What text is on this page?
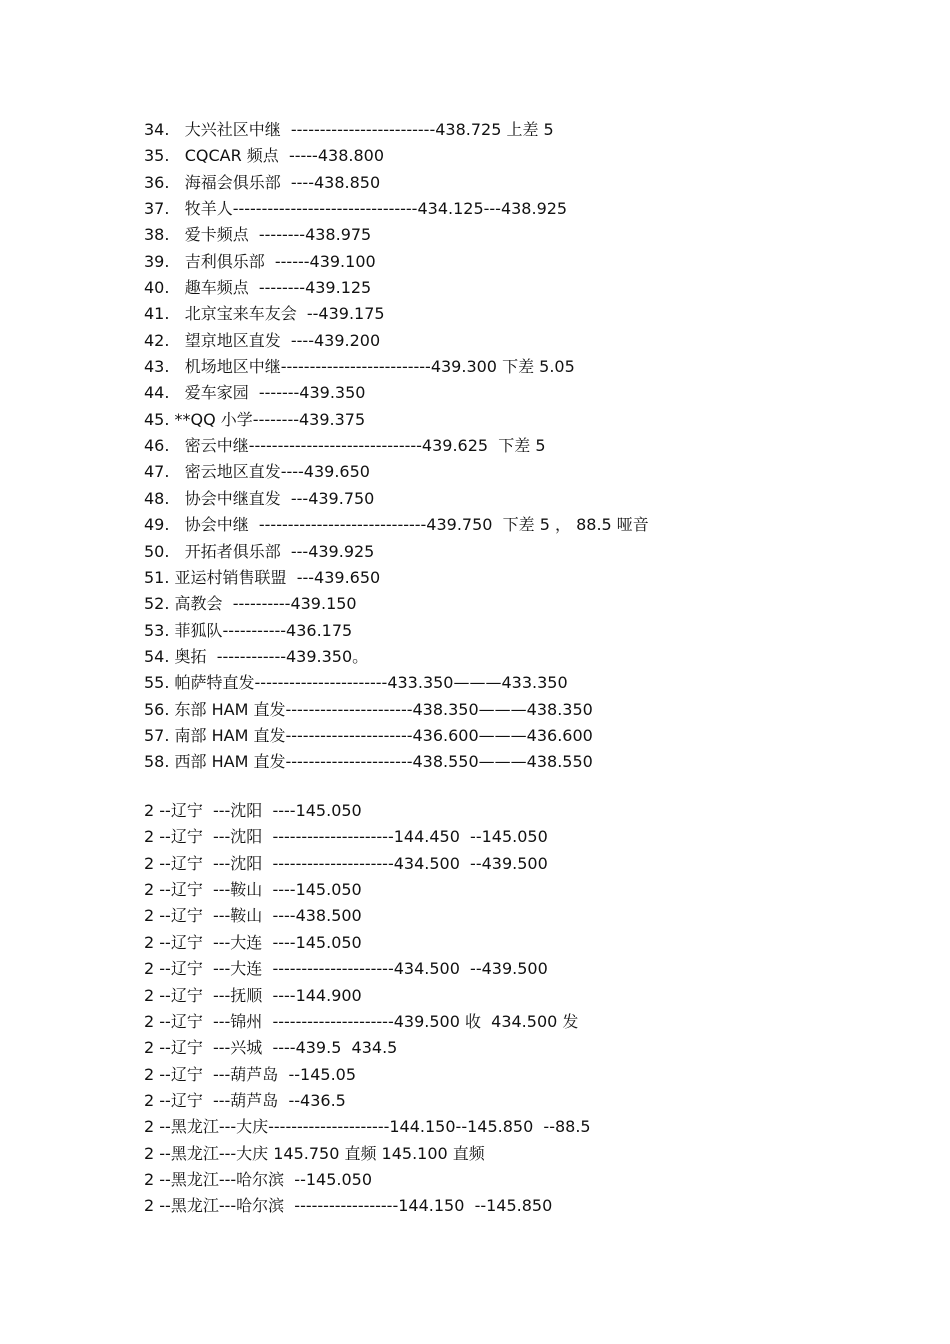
34.   大兴社区中继  -------------------------438.725 上差 5
35.   CQCAR 频点  -----438.800
36.   海福会俱乐部  ----438.850
37.   牧羊人--------------------------------434.125---438.925
38.   爱卡频点  --------438.975
39.   吉利俱乐部  ------439.100
40.   趣车频点  --------439.125
41.   北京宝来车友会  --439.175
42.   望京地区直发  ----439.200
43.   机场地区中继--------------------------439.300 下差 5.05
44.   爱车家园  -------439.350
45. **QQ 小学--------439.375
46.   密云中继------------------------------439.625  下差 5
47.   密云地区直发----439.650
48.   协会中继直发  ---439.750
49.   协会中继  -----------------------------439.750  下差 5 ， 88.5 哑音
50.   开拓者俱乐部  ---439.925
51. 亚运村销售联盟  ---439.650
52. 高教会  ----------439.150
53. 菲狐队-----------436.175
54. 奥拓  ------------439.350。
55. 帕萨特直发-----------------------433.350———433.350
56. 东部 HAM 直发----------------------438.350———438.350
57. 南部 HAM 直发----------------------436.600———436.600
58. 西部 HAM 直发----------------------438.550———438.550
2 --辽宁  ---沈阳  ----145.050
2 --辽宁  ---沈阳  ---------------------144.450  --145.050
2 --辽宁  ---沈阳  ---------------------434.500  --439.500
2 --辽宁  ---鞍山  ----145.050
2 --辽宁  ---鞍山  ----438.500
2 --辽宁  ---大连  ----145.050
2 --辽宁  ---大连  ---------------------434.500  --439.500
2 --辽宁  ---抚顺  ----144.900
2 --辽宁  ---锦州  ---------------------439.500 收  434.500 发
2 --辽宁  ---兴城  ----439.5  434.5
2 --辽宁  ---葫芦岛  --145.05
2 --辽宁  ---葫芦岛  --436.5
2 --黑龙江---大庆---------------------144.150--145.850  --88.5
2 --黑龙江---大庆 145.750 直频 145.100 直频
2 --黑龙江---哈尔滨  --145.050
2 --黑龙江---哈尔滨  ------------------144.150  --145.850
